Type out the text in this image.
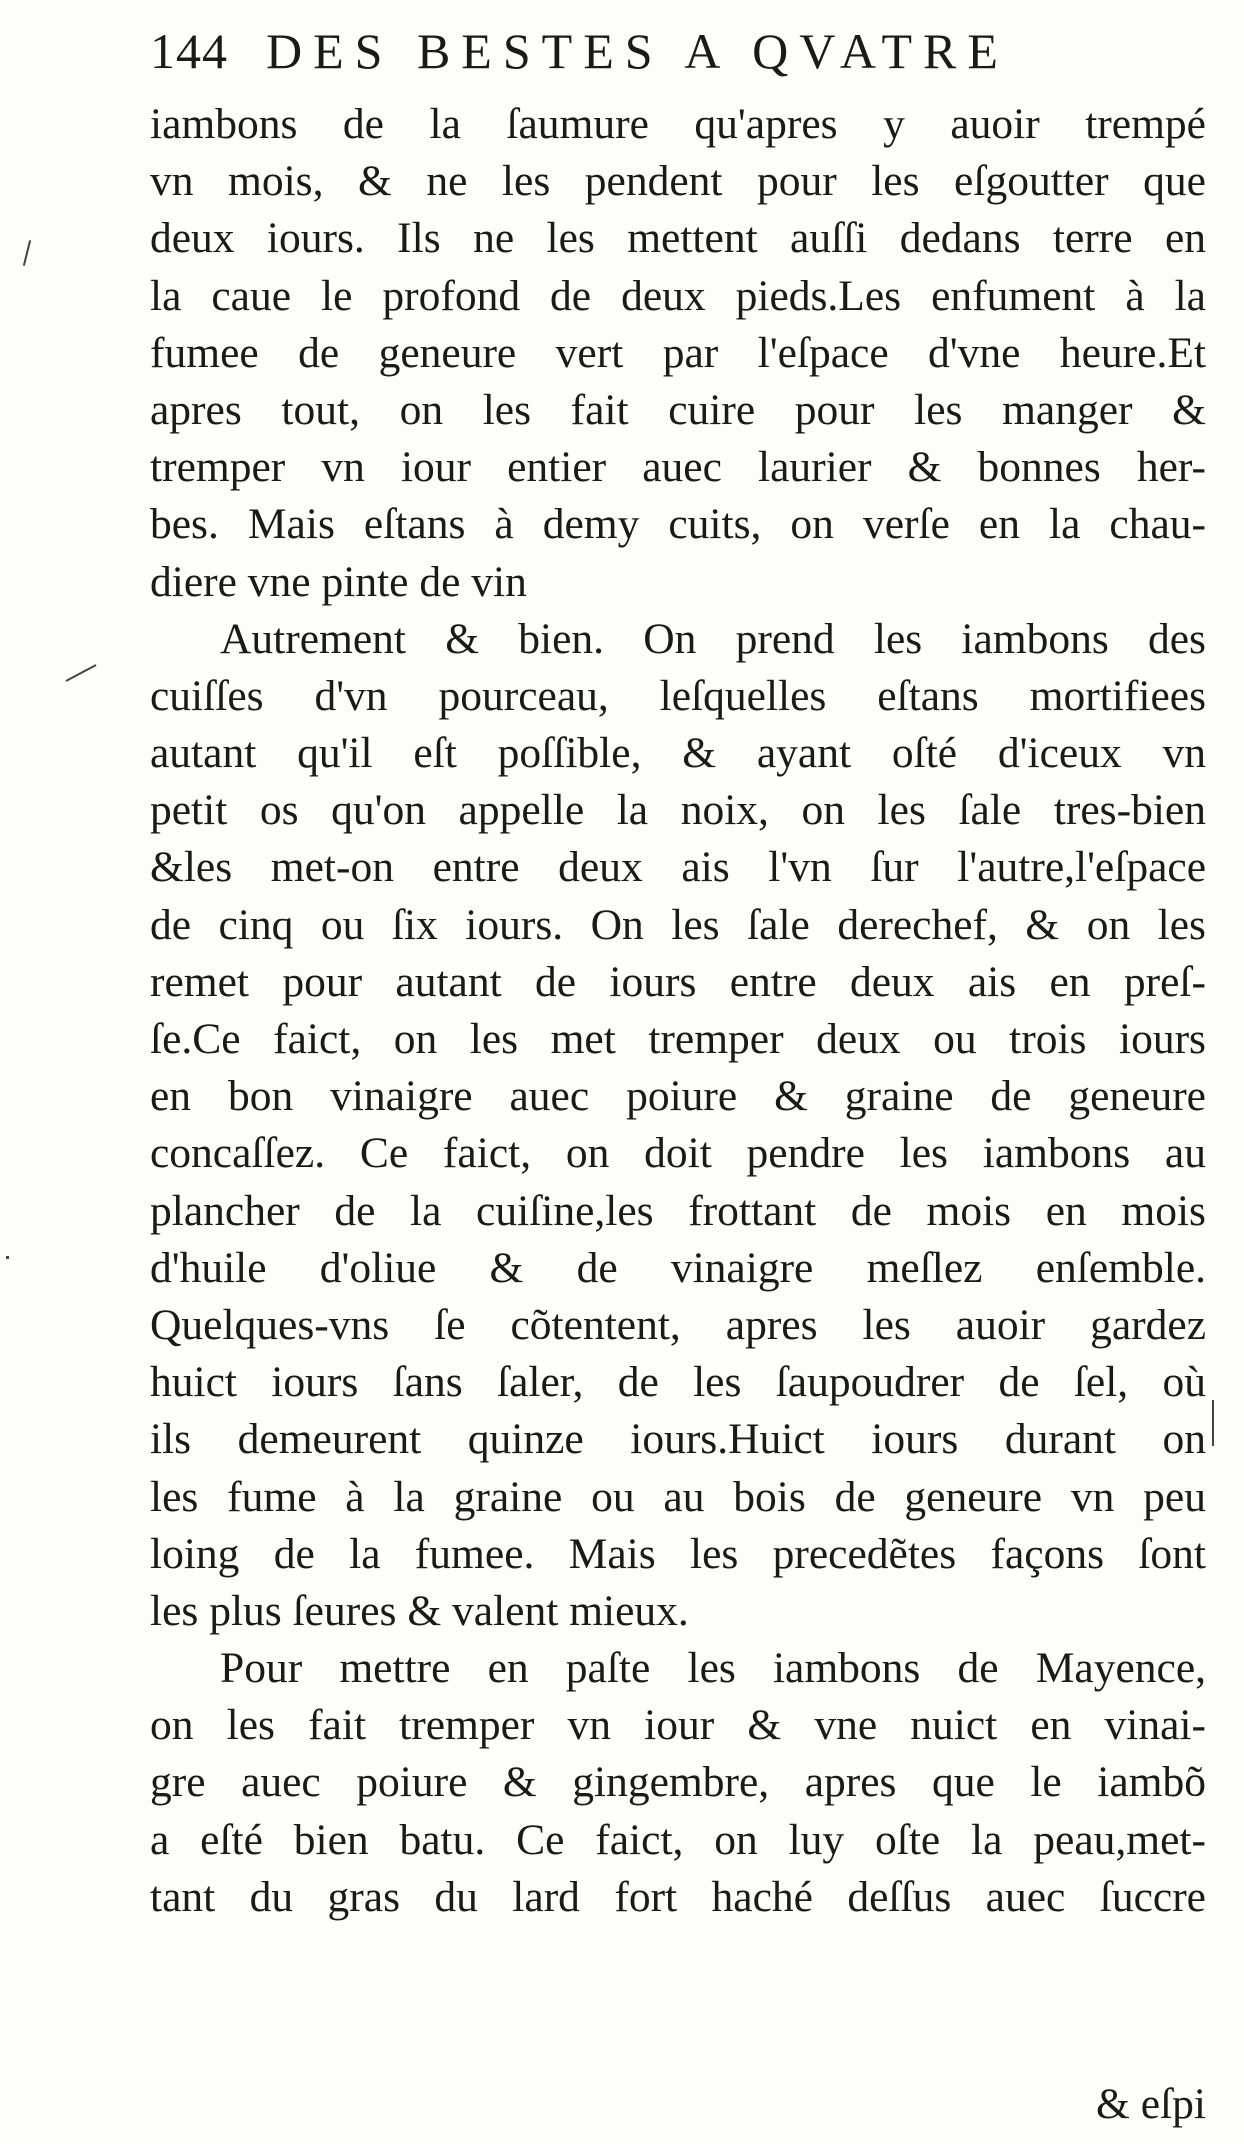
144 DES BESTES A QVATRE
iambons de la ſaumure qu'apres y auoir trempé
vn mois, & ne les pendent pour les eſgoutter que
deux iours. Ils ne les mettent auſſi dedans terre en
la caue le profond de deux pieds.Les enfument à la
fumee de geneure vert par l'eſpace d'vne heure.Et
apres tout, on les fait cuire pour les manger &
tremper vn iour entier auec laurier & bonnes her-
bes. Mais eſtans à demy cuits, on verſe en la chau-
diere vne pinte de vin
Autrement & bien. On prend les iambons des
cuiſſes d'vn pourceau, leſquelles eſtans mortifiees
autant qu'il eſt poſſible, & ayant oſté d'iceux vn
petit os qu'on appelle la noix, on les ſale tres-bien
&les met-on entre deux ais l'vn ſur l'autre,l'eſpace
de cinq ou ſix iours. On les ſale derechef, & on les
remet pour autant de iours entre deux ais en preſ-
ſe.Ce faict, on les met tremper deux ou trois iours
en bon vinaigre auec poiure & graine de geneure
concaſſez. Ce faict, on doit pendre les iambons au
plancher de la cuiſine,les frottant de mois en mois
d'huile d'oliue & de vinaigre meſlez enſemble.
Quelques-vns ſe cõtentent, apres les auoir gardez
huict iours ſans ſaler, de les ſaupoudrer de ſel, où
ils demeurent quinze iours.Huict iours durant on
les fume à la graine ou au bois de geneure vn peu
loing de la fumee. Mais les precedẽtes façons ſont
les plus ſeures & valent mieux.
Pour mettre en paſte les iambons de Mayence,
on les fait tremper vn iour & vne nuict en vinai-
gre auec poiure & gingembre, apres que le iambõ
a eſté bien batu. Ce faict, on luy oſte la peau,met-
tant du gras du lard fort haché deſſus auec ſuccre
& eſpi
